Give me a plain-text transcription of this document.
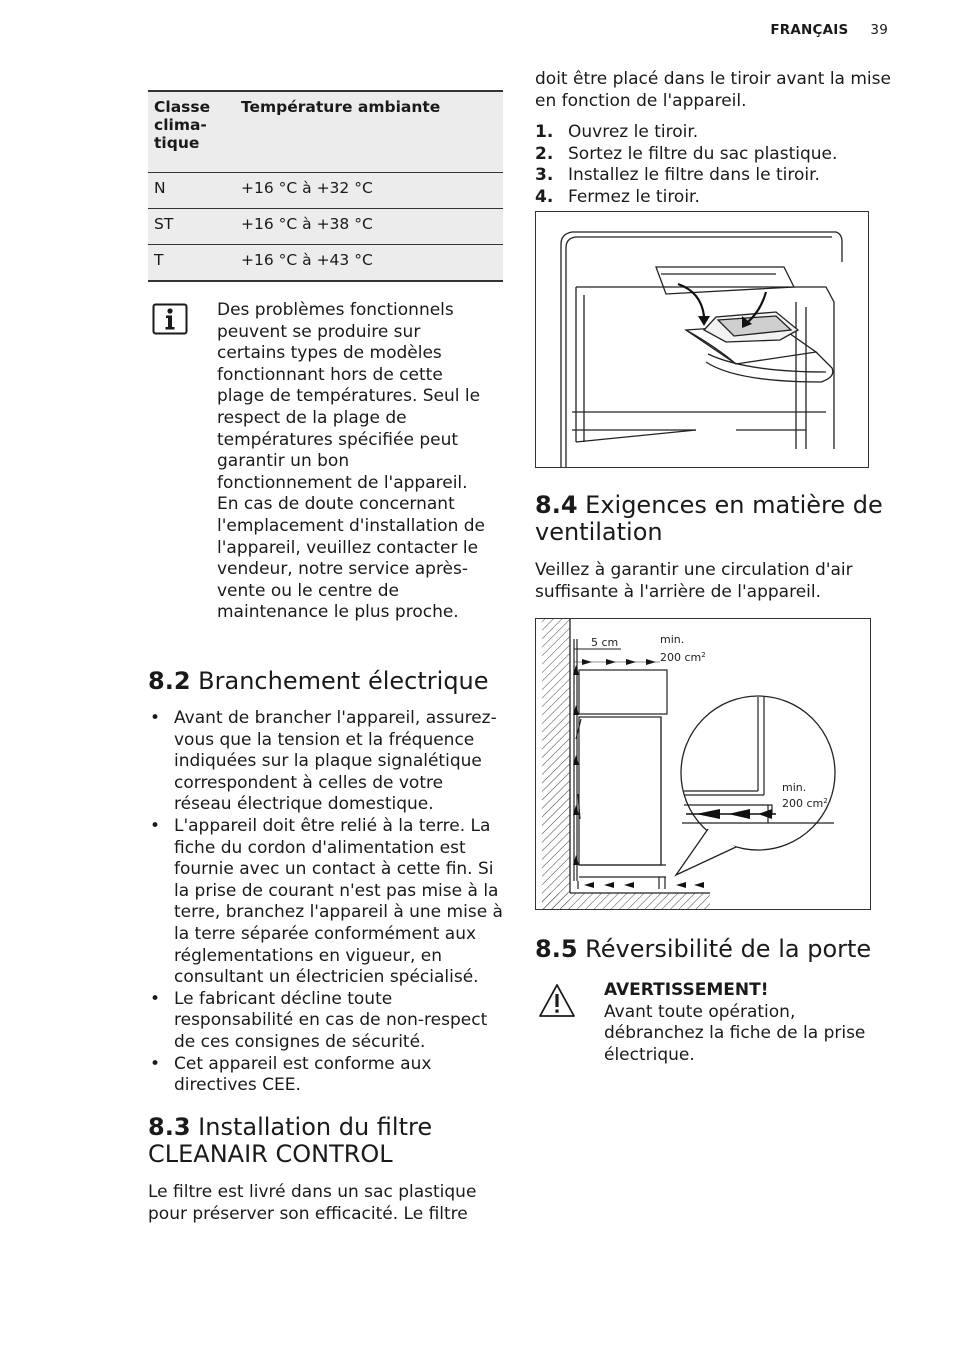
FRANÇAIS 39
Classe
clima-
tique	Température ambiante
N	+16 °C à +32 °C
ST	+16 °C à +38 °C
T	+16 °C à +43 °C

Des problèmes fonctionnels peuvent se produire sur certains types de modèles fonctionnant hors de cette plage de températures. Seul le respect de la plage de températures spécifiée peut garantir un bon fonctionnement de l'appareil. En cas de doute concernant l'emplacement d'installation de l'appareil, veuillez contacter le vendeur, notre service après-vente ou le centre de maintenance le plus proche.

8.2 Branchement électrique
• Avant de brancher l'appareil, assurez-vous que la tension et la fréquence indiquées sur la plaque signalétique correspondent à celles de votre réseau électrique domestique.
• L'appareil doit être relié à la terre. La fiche du cordon d'alimentation est fournie avec un contact à cette fin. Si la prise de courant n'est pas mise à la terre, branchez l'appareil à une mise à la terre séparée conformément aux réglementations en vigueur, en consultant un électricien spécialisé.
• Le fabricant décline toute responsabilité en cas de non-respect de ces consignes de sécurité.
• Cet appareil est conforme aux directives CEE.
8.3 Installation du filtre CLEANAIR CONTROL

Le filtre est livré dans un sac plastique pour préserver son efficacité. Le filtre

doit être placé dans le tiroir avant la mise en fonction de l'appareil.

1. Ouvrez le tiroir.
2. Sortez le filtre du sac plastique.
3. Installez le filtre dans le tiroir.
4. Fermez le tiroir.
8.4 Exigences en matière de ventilation

Veillez à garantir une circulation d'air suffisante à l'arrière de l'appareil.

5 cm	min.
200 $cm^2$
min.
200 $cm^2$
8.5 Réversibilité de la porte
AVERTISSEMENT!

Avant toute opération, débranchez la fiche de la prise électrique.
